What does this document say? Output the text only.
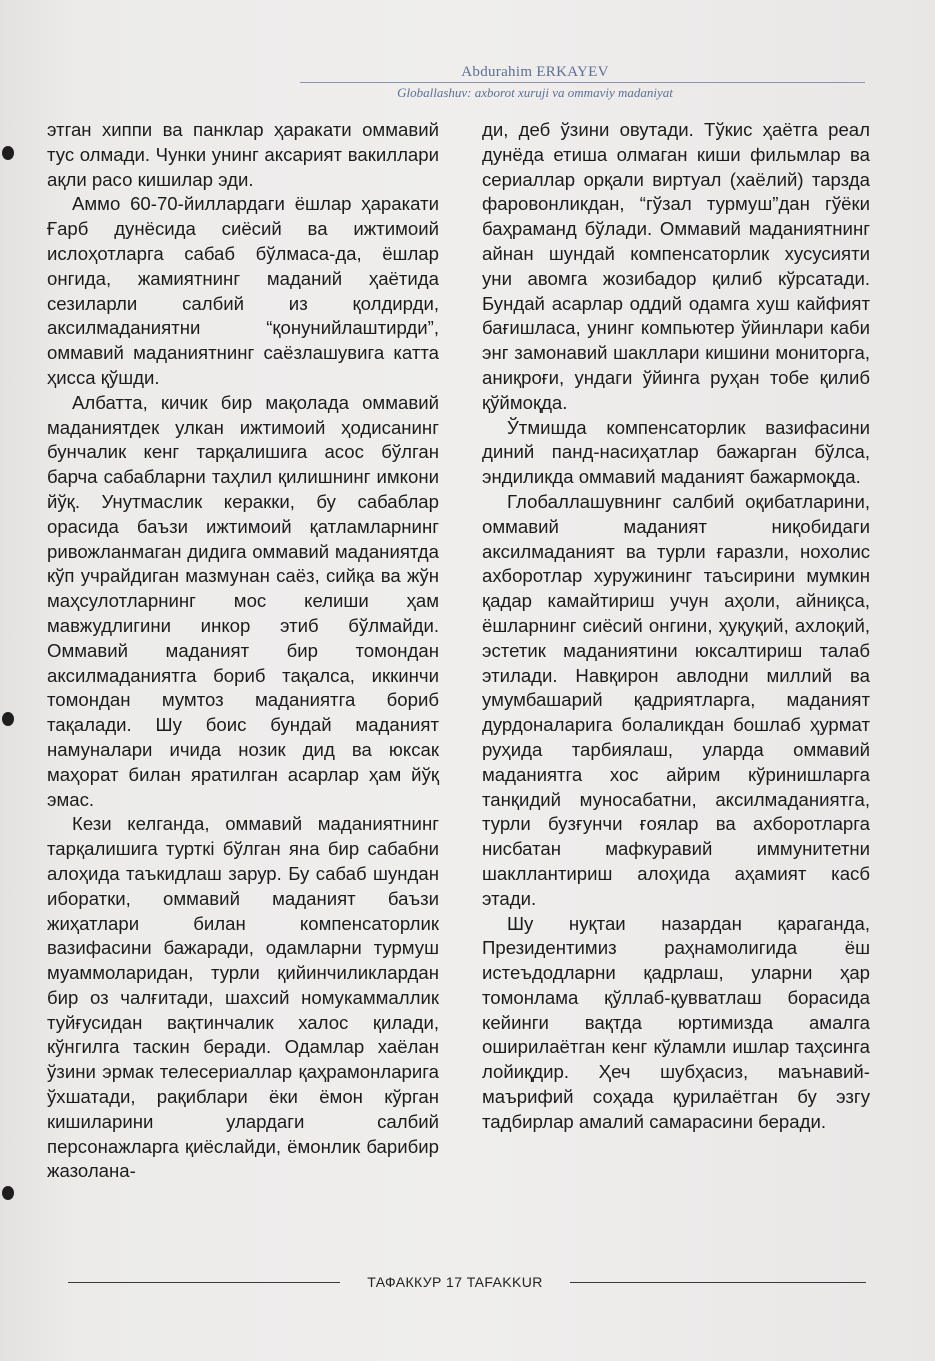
Abdurahim ERKAYEV
Globallashuv: axborot xuruji va ommaviy madaniyat

этган хиппи ва панклар ҳаракати оммавий тус олмади. Чунки унинг аксарият вакиллари ақли расо кишилар эди.

Аммо 60-70-йиллардаги ёшлар ҳаракати Ғарб дунёсида сиёсий ва ижтимоий ислоҳотларга сабаб бўлмаса-да, ёшлар онгида, жамиятнинг маданий ҳаётида сезиларли салбий из қолдирди, аксилмаданиятни “қонунийлаштирди”, оммавий маданиятнинг саёзлашувига катта ҳисса қўшди.

Албатта, кичик бир мақолада оммавий маданиятдек улкан ижтимоий ҳодисанинг бунчалик кенг тарқалишига асос бўлган барча сабабларни таҳлил қилишнинг имкони йўқ. Унутмаслик керакки, бу сабаблар орасида баъзи ижтимоий қатламларнинг ривожланмаган дидига оммавий маданиятда кўп учрайдиган мазмунан саёз, сийқа ва жўн маҳсулотларнинг мос келиши ҳам мавжудлигини инкор этиб бўлмайди. Оммавий маданият бир томондан аксилмаданиятга бориб тақалса, иккинчи томондан мумтоз маданиятга бориб тақалади. Шу боис бундай маданият намуналари ичида нозик дид ва юксак маҳорат билан яратилган асарлар ҳам йўқ эмас.

Кези келганда, оммавий маданиятнинг тарқалишига турткi бўлган яна бир сабабни алоҳида таъкидлаш зарур. Бу сабаб шундан иборатки, оммавий маданият баъзи жиҳатлари билан компенсаторлик вазифасини бажаради, одамларни турмуш муаммоларидан, турли қийинчиликлардан бир оз чалғитади, шахсий номукаммаллик туйғусидан вақтинчалик халос қилади, кўнгилга таскин беради. Одамлар хаёлан ўзини эрмак телесериаллар қаҳрамонларига ўхшатади, рақиблари ёки ёмон кўрган кишиларини улардаги салбий персонажларга қиёслайди, ёмонлик барибир жазолана-

ди, деб ўзини овутади. Тўкис ҳаётга реал дунёда етиша олмаган киши фильмлар ва сериаллар орқали виртуал (хаёлий) тарзда фаровонликдан, “гўзал турмуш”дан гўёки баҳраманд бўлади. Оммавий маданиятнинг айнан шундай компенсаторлик хусусияти уни авомга жозибадор қилиб кўрсатади. Бундай асарлар оддий одамга хуш кайфият бағишласа, унинг компьютер ўйинлари каби энг замонавий шакллари кишини мониторга, аниқроғи, ундаги ўйинга руҳан тобе қилиб қўймоқда.

Ўтмишда компенсаторлик вазифасини диний панд-насиҳатлар бажарган бўлса, эндиликда оммавий маданият бажармоқда.

Глобаллашувнинг салбий оқибатларини, оммавий маданият ниқобидаги аксилмаданият ва турли ғаразли, нохолис ахборотлар хуружининг таъсирини мумкин қадар камайтириш учун аҳоли, айниқса, ёшларнинг сиёсий онгини, ҳуқуқий, ахлоқий, эстетик маданиятини юксалтириш талаб этилади. Навқирон авлодни миллий ва умумбашарий қадриятларга, маданият дурдоналарига болаликдан бошлаб ҳурмат руҳида тарбиялаш, уларда оммавий маданиятга хос айрим кўринишларга танқидий муносабатни, аксилмаданиятга, турли бузғунчи ғоялар ва ахборотларга нисбатан мафкуравий иммунитетни шакллантириш алоҳида аҳамият касб этади.

Шу нуқтаи назардан қараганда, Президентимиз раҳнамолигида ёш истеъдодларни қадрлаш, уларни ҳар томонлама қўллаб-қувватлаш борасида кейинги вақтда юртимизда амалга оширилаётган кенг кўламли ишлар таҳсинга лойиқдир. Ҳеч шубҳасиз, маънавий-маърифий соҳада қурилаётган бу эзгу тадбирлар амалий самарасини беради.

ТАФАККУР 17 TAFAKKUR
